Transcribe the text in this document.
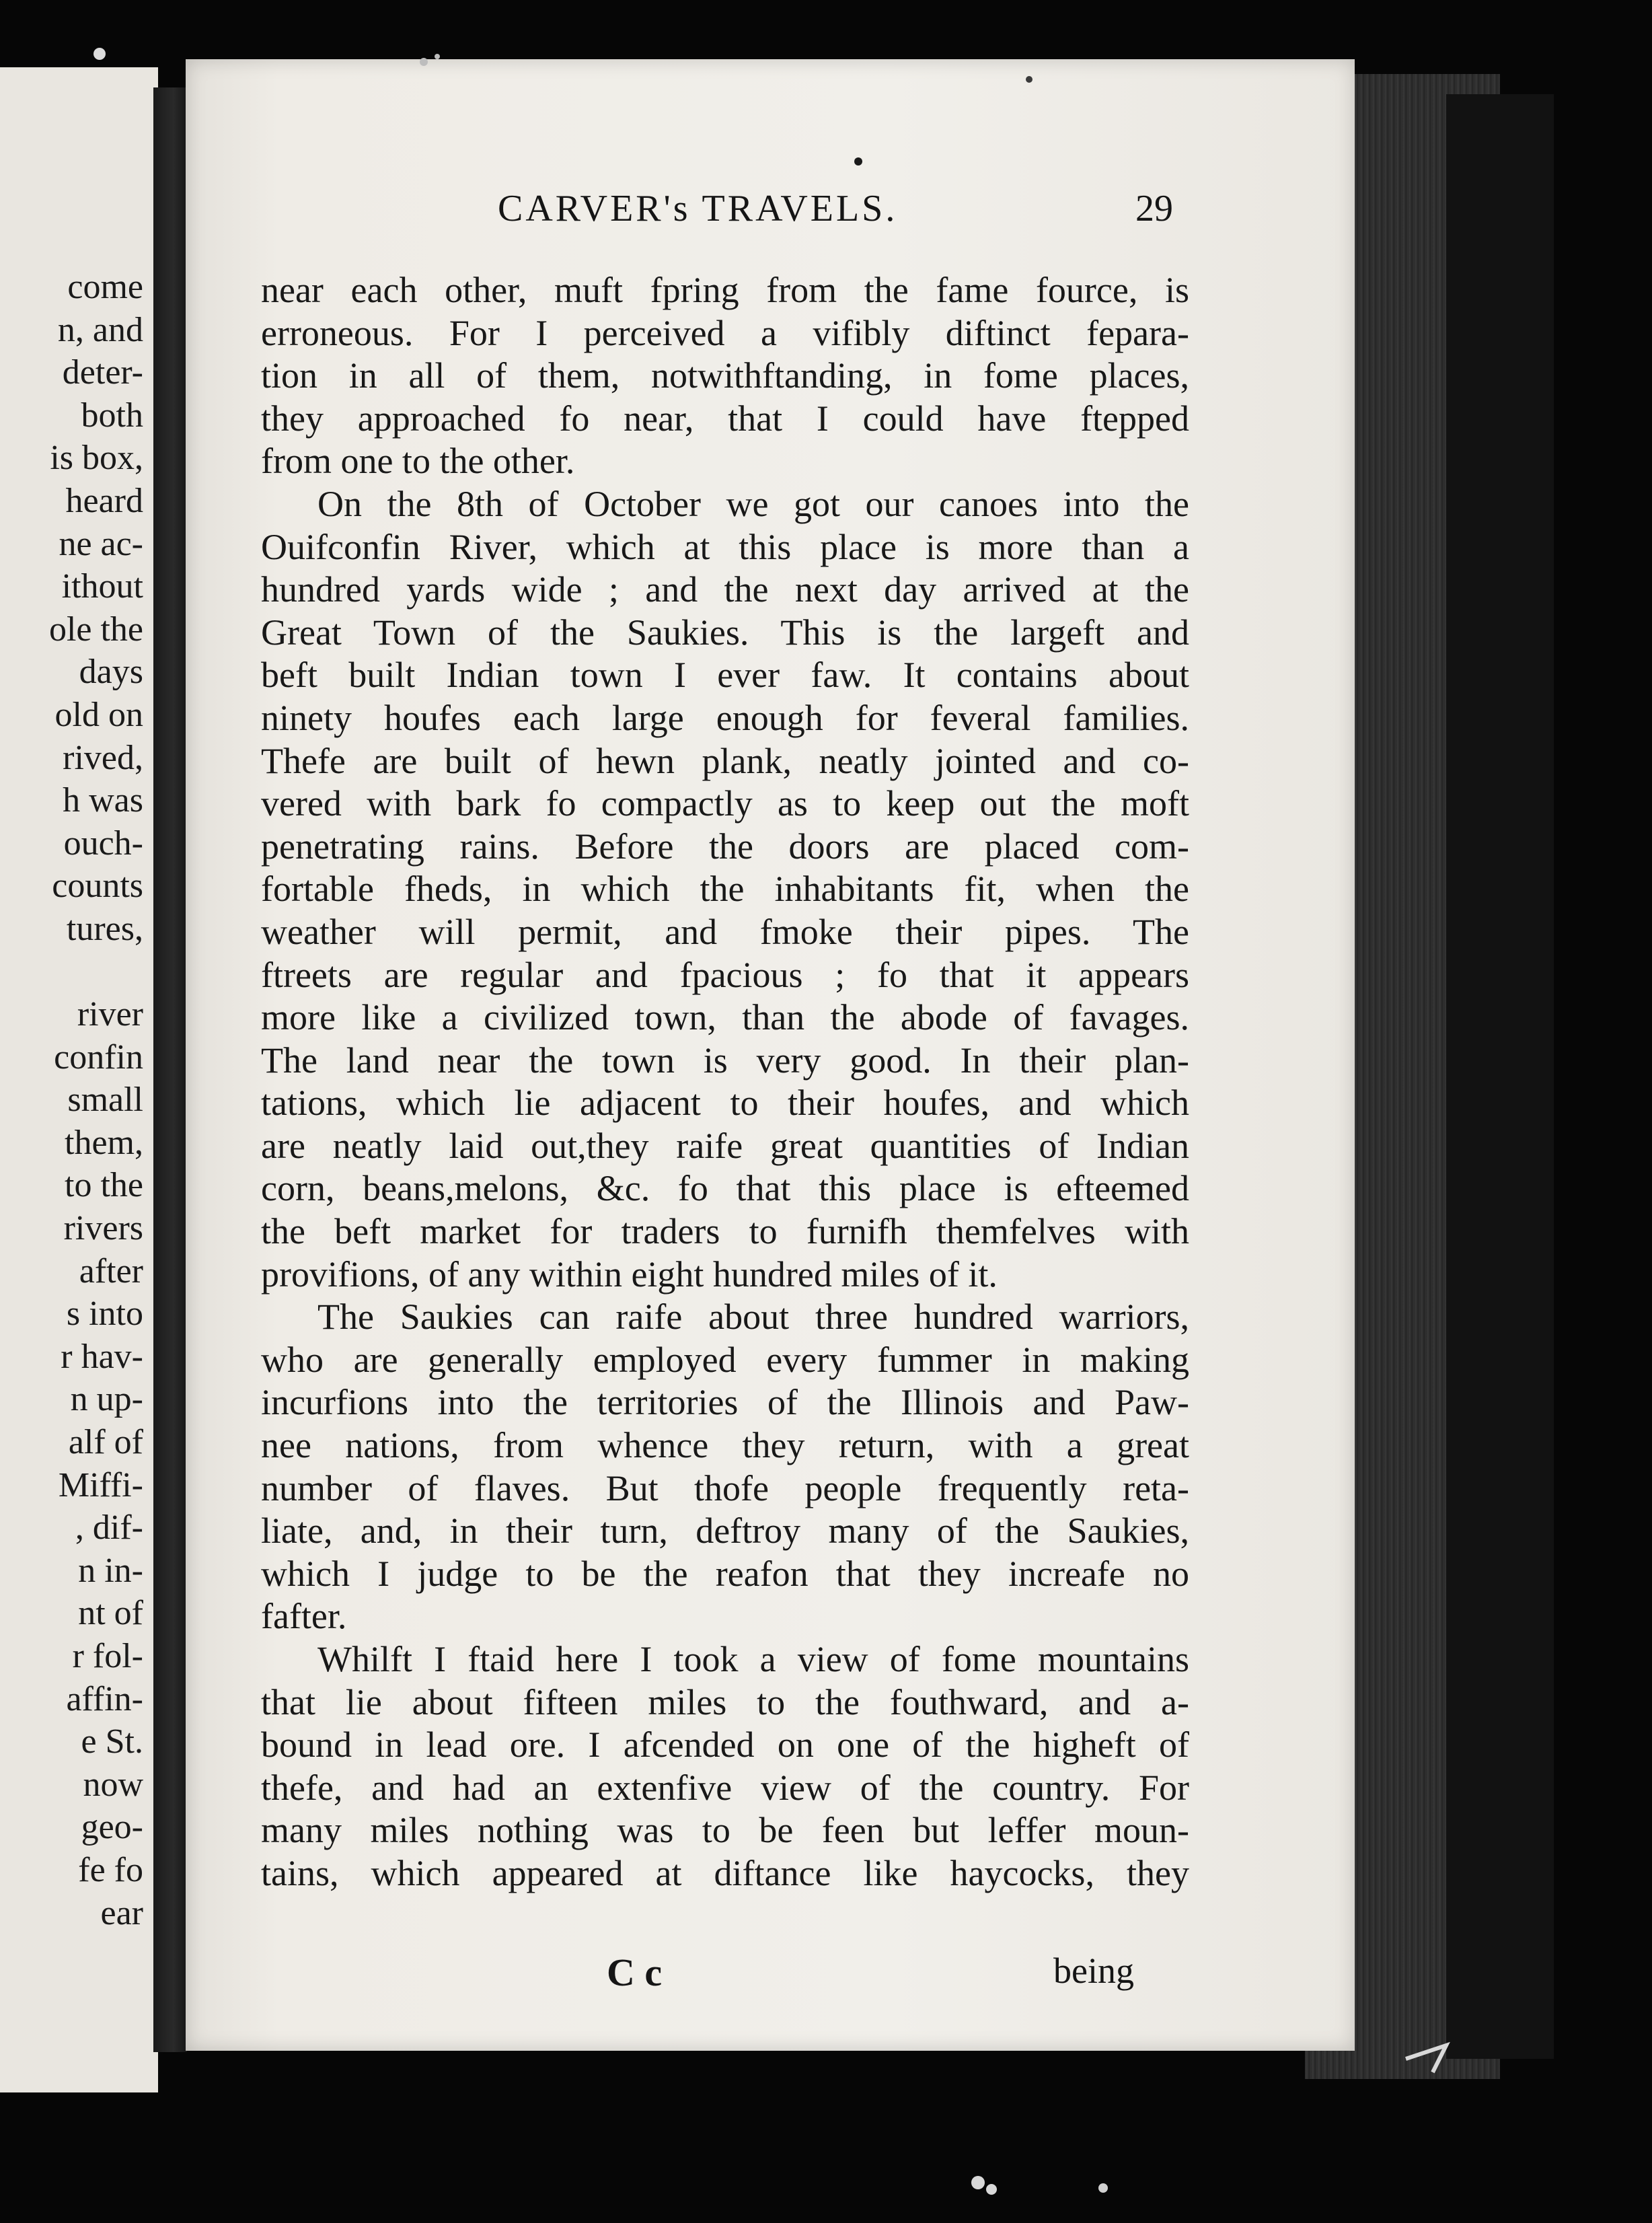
come
n, and
deter-
both
is box,
heard
ne ac-
ithout
ole the
days
old on
rived,
h was
ouch-
counts
tures,
river
confin
small
them,
to the
rivers
after
s into
r hav-
n up-
alf of
Miffi-
, dif-
n in-
nt of
r fol-
affin-
e St.
now
geo-
fe fo
ear
CARVER's TRAVELS.	29
near each other, muft fpring from the fame fource, is
erroneous. For I perceived a vifibly diftinct fepara-
tion in all of them, notwithftanding, in fome places,
they approached fo near, that I could have ftepped
from one to the other.
On the 8th of October we got our canoes into the
Ouifconfin River, which at this place is more than a
hundred yards wide ; and the next day arrived at the
Great Town of the Saukies. This is the largeft and
beft built Indian town I ever faw. It contains about
ninety houfes each large enough for feveral families.
Thefe are built of hewn plank, neatly jointed and co-
vered with bark fo compactly as to keep out the moft
penetrating rains. Before the doors are placed com-
fortable fheds, in which the inhabitants fit, when the
weather will permit, and fmoke their pipes. The
ftreets are regular and fpacious ; fo that it appears
more like a civilized town, than the abode of favages.
The land near the town is very good. In their plan-
tations, which lie adjacent to their houfes, and which
are neatly laid out,they raife great quantities of Indian
corn, beans,melons, &c. fo that this place is efteemed
the beft market for traders to furnifh themfelves with
provifions, of any within eight hundred miles of it.
The Saukies can raife about three hundred warriors,
who are generally employed every fummer in making
incurfions into the territories of the Illinois and Paw-
nee nations, from whence they return, with a great
number of flaves. But thofe people frequently reta-
liate, and, in their turn, deftroy many of the Saukies,
which I judge to be the reafon that they increafe no
fafter.
Whilft I ftaid here I took a view of fome mountains
that lie about fifteen miles to the fouthward, and a-
bound in lead ore. I afcended on one of the higheft of
thefe, and had an extenfive view of the country. For
many miles nothing was to be feen but leffer moun-
tains, which appeared at diftance like haycocks, they
C c	being
